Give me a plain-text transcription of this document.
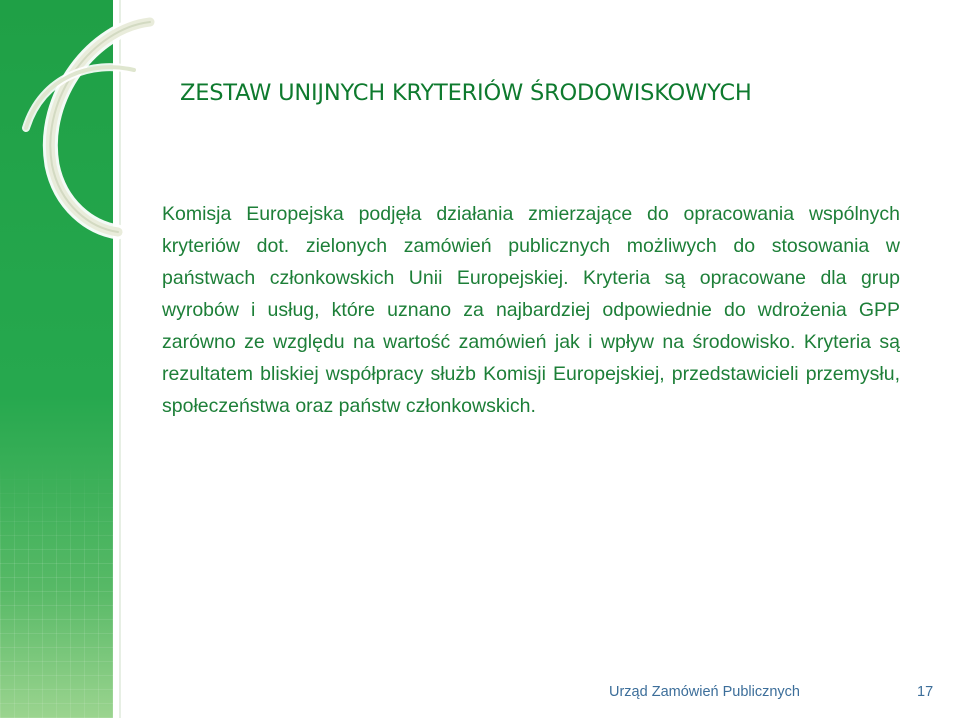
ZESTAW UNIJNYCH KRYTERIÓW ŚRODOWISKOWYCH

Komisja Europejska podjęła działania zmierzające do opracowania wspólnych kryteriów dot. zielonych zamówień publicznych możliwych do stosowania w państwach członkowskich Unii Europejskiej. Kryteria są opracowane dla grup wyrobów i usług, które uznano za najbardziej odpowiednie do wdrożenia GPP zarówno ze względu na wartość zamówień jak i wpływ na środowisko. Kryteria są rezultatem bliskiej współpracy służb Komisji Europejskiej, przedstawicieli przemysłu, społeczeństwa oraz państw członkowskich.

Urząd Zamówień Publicznych	17
